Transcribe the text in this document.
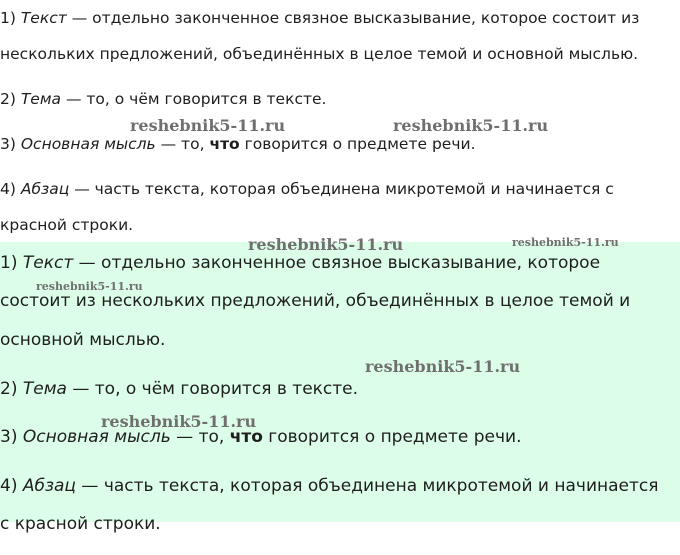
1) Текст — отдельно законченное связное высказывание, которое состоит из

нескольких предложений, объединённых в целое темой и основной мыслью.

2) Тема — то, о чём говорится в тексте.

3) Основная мысль — то, что говорится о предмете речи.

4) Абзац — часть текста, которая объединена микротемой и начинается с

красной строки.

1) Текст — отдельно законченное связное высказывание, которое

состоит из нескольких предложений, объединённых в целое темой и

основной мыслью.

2) Тема — то, о чём говорится в тексте.

3) Основная мысль — то, что говорится о предмете речи.

4) Абзац — часть текста, которая объединена микротемой и начинается

с красной строки.

reshebnik5-11.ru	reshebnik5-11.ru
reshebnik5-11.ru	reshebnik5-11.ru
reshebnik5-11.ru
reshebnik5-11.ru
reshebnik5-11.ru
